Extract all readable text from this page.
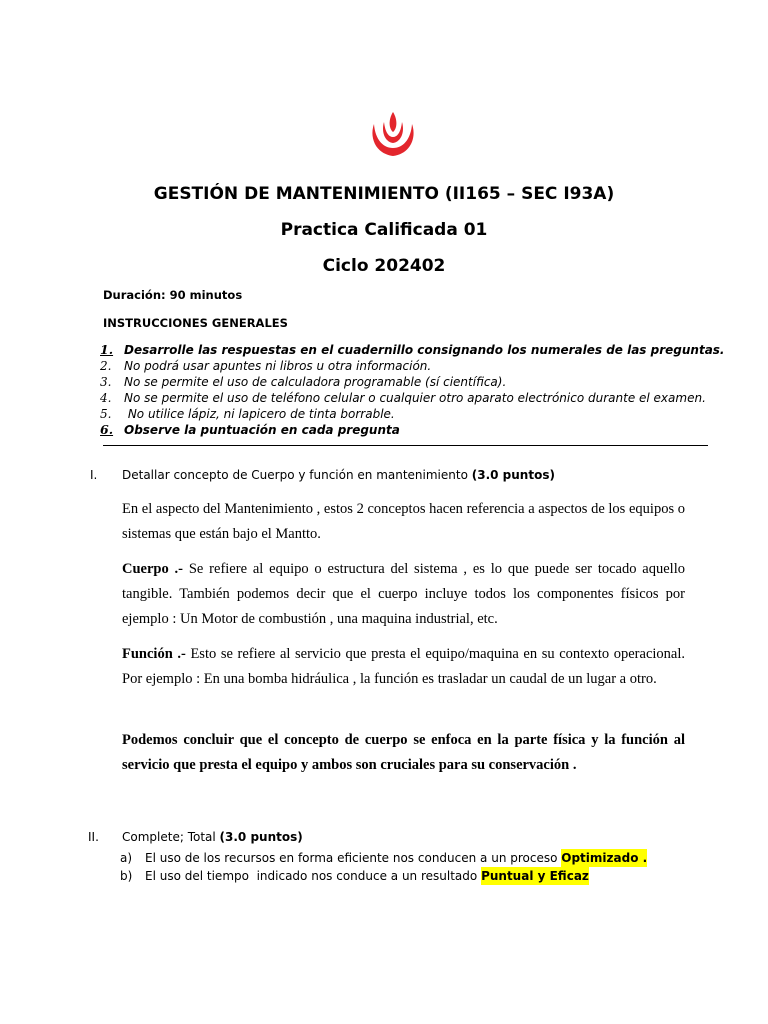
GESTIÓN DE MANTENIMIENTO (II165 – SEC I93A)
Practica Calificada 01
Ciclo 202402
Duración: 90 minutos
INSTRUCCIONES GENERALES
1. Desarrolle las respuestas en el cuadernillo consignando los numerales de las preguntas.
2.	No podrá usar apuntes ni libros u otra información.
3.	No se permite el uso de calculadora programable (sí científica).
4.	No se permite el uso de teléfono celular o cualquier otro aparato electrónico durante el examen.
5.	No utilice lápiz, ni lapicero de tinta borrable.
6. Observe la puntuación en cada pregunta
I. Detallar concepto de Cuerpo y función en mantenimiento (3.0 puntos)
En el aspecto del Mantenimiento , estos 2 conceptos hacen referencia a aspectos de los equipos o sistemas que están bajo el Mantto.
Cuerpo .- Se refiere al equipo o estructura del sistema , es lo que puede ser tocado aquello tangible. También podemos decir que el cuerpo incluye todos los componentes físicos por ejemplo : Un Motor de combustión , una maquina industrial, etc.
Función .- Esto se refiere al servicio que presta el equipo/maquina en su contexto operacional. Por ejemplo : En una bomba hidráulica , la función es trasladar un caudal de un lugar a otro.
Podemos concluir que el concepto de cuerpo se enfoca en la parte física y la función al servicio que presta el equipo y ambos son cruciales para su conservación .
II. Complete; Total (3.0 puntos)
a)	El uso de los recursos en forma eficiente nos conducen a un proceso Optimizado .
b)	El uso del tiempo  indicado nos conduce a un resultado Puntual y Eficaz
